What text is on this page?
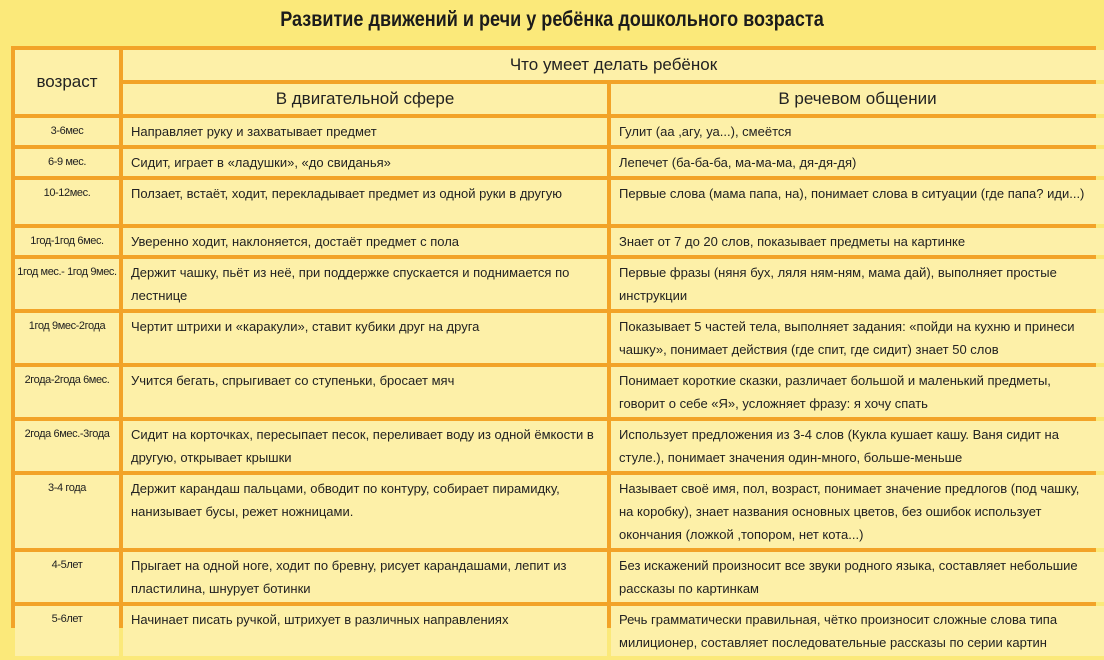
Развитие движений и речи у ребёнка дошкольного возраста
возраст	Что умеет делать ребёнок	
	В двигательной сфере	В речевом общении
3-6мес	Направляет руку и захватывает предмет	Гулит (аа ,агу, уа...), смеётся
6-9 мес.	Сидит, играет в «ладушки», «до свиданья»	Лепечет (ба-ба-ба, ма-ма-ма, дя-дя-дя)
10-12мес.	Ползает, встаёт, ходит, перекладывает предмет из одной руки в другую	Первые слова (мама папа, на), понимает слова в ситуации (где папа? иди...)
1год-1год 6мес.	Уверенно ходит, наклоняется, достаёт предмет с пола	Знает от 7 до 20 слов, показывает предметы на картинке
1год мес.- 1год 9мес.	Держит чашку, пьёт из неё, при поддержке спускается и поднимается по лестнице	Первые фразы (няня бух, ляля ням-ням, мама дай), выполняет простые инструкции
1год 9мес-2года	Чертит штрихи и «каракули», ставит кубики друг на друга	Показывает 5 частей тела, выполняет задания: «пойди на кухню и принеси чашку», понимает действия (где спит, где сидит) знает 50 слов
2года-2года 6мес.	Учится бегать, спрыгивает со ступеньки, бросает мяч	Понимает короткие сказки, различает большой и маленький предметы, говорит о себе «Я», усложняет фразу: я хочу спать
2года 6мес.-3года	Сидит на корточках, пересыпает песок, переливает воду из одной ёмкости в другую, открывает крышки	Использует предложения из 3-4 слов (Кукла кушает кашу. Ваня сидит на стуле.), понимает значения один-много, больше-меньше
3-4 года	Держит карандаш пальцами, обводит по контуру, собирает пирамидку, нанизывает бусы, режет ножницами.	Называет своё имя, пол, возраст, понимает значение предлогов (под чашку, на коробку), знает названия основных цветов, без ошибок использует окончания (ложкой ,топором, нет кота...)
4-5лет	Прыгает на одной ноге, ходит по бревну, рисует карандашами, лепит из пластилина, шнурует ботинки	Без искажений произносит все звуки родного языка, составляет небольшие рассказы по картинкам
5-6лет	Начинает писать ручкой, штрихует в различных направлениях	Речь грамматически правильная, чётко произносит сложные слова типа милиционер, составляет последовательные рассказы по серии картин
